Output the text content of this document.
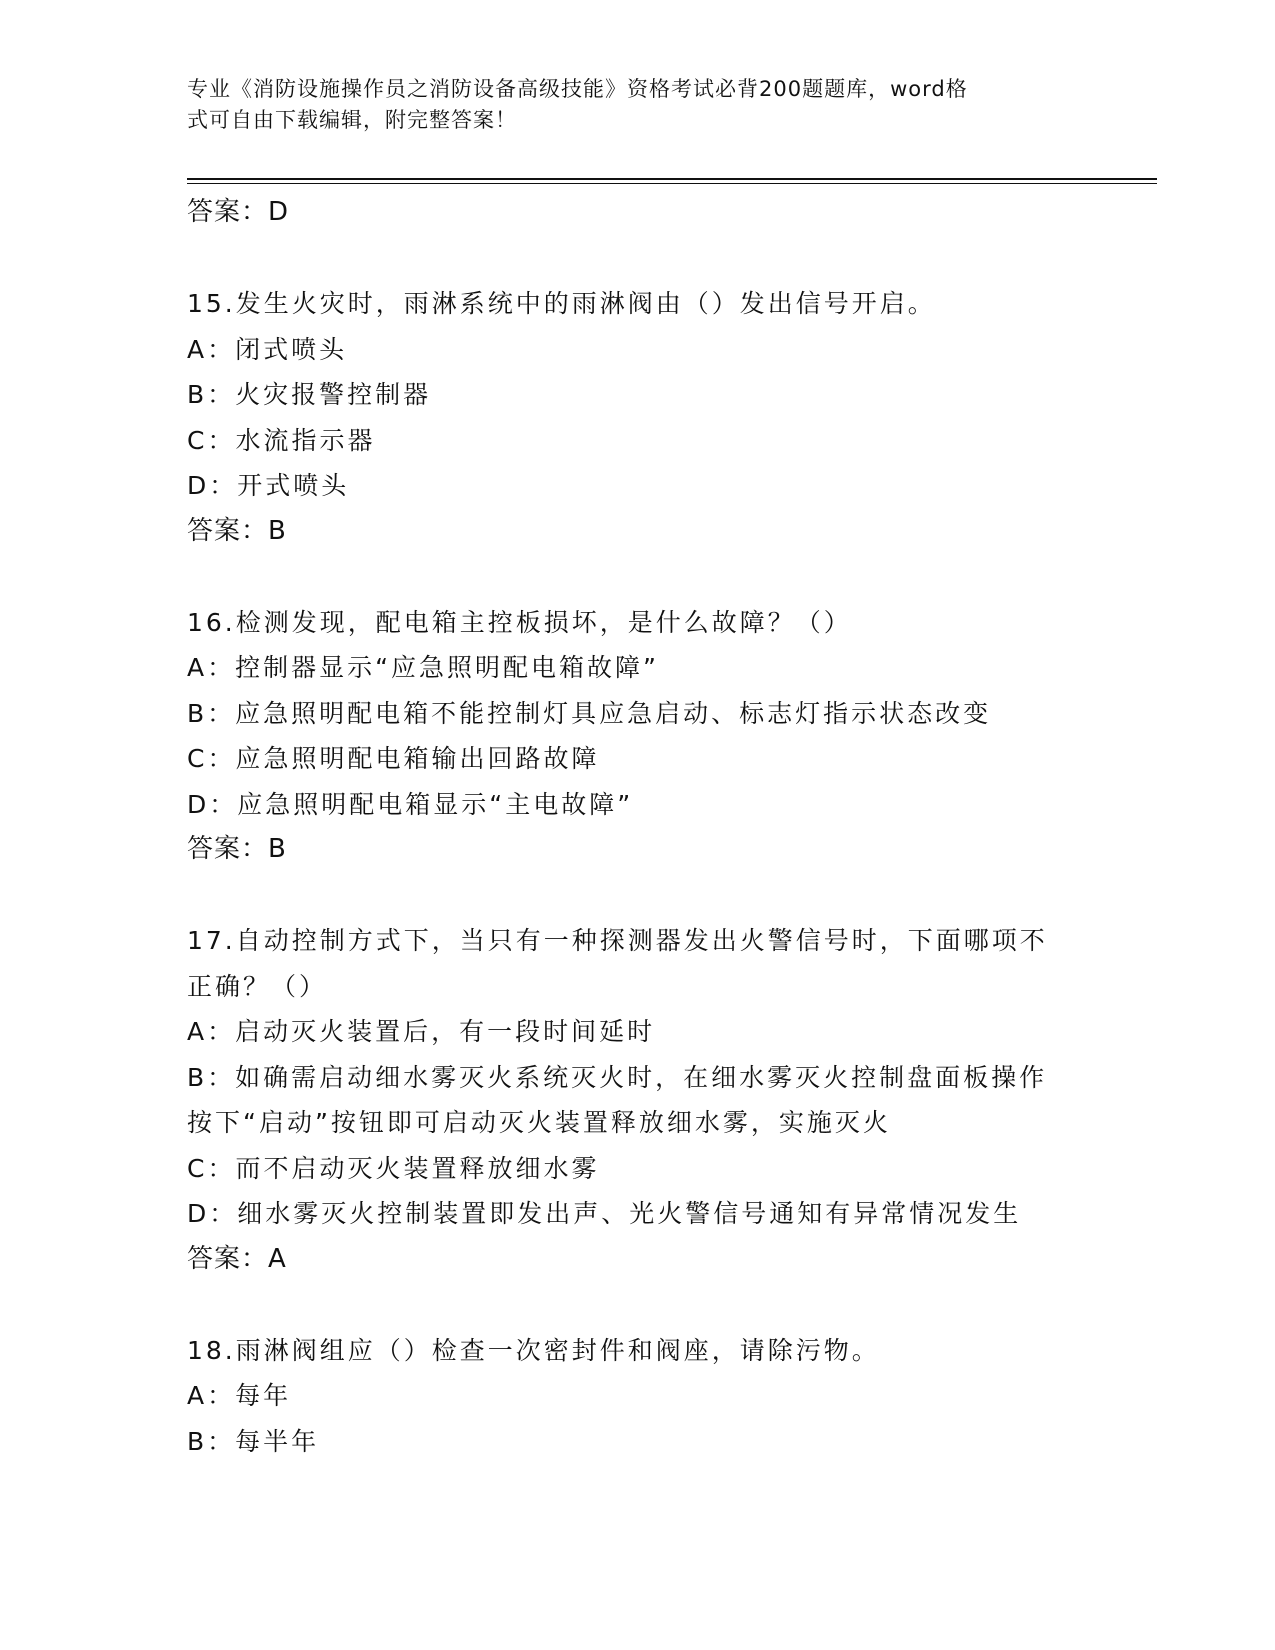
专业《消防设施操作员之消防设备高级技能》资格考试必背200题题库，word格
式可自由下载编辑，附完整答案！
答案：D
15.发生火灾时，雨淋系统中的雨淋阀由（）发出信号开启。
A：闭式喷头
B：火灾报警控制器
C：水流指示器
D：开式喷头
答案：B
16.检测发现，配电箱主控板损坏，是什么故障？（）
A：控制器显示“应急照明配电箱故障”
B：应急照明配电箱不能控制灯具应急启动、标志灯指示状态改变
C：应急照明配电箱输出回路故障
D：应急照明配电箱显示“主电故障”
答案：B
17.自动控制方式下，当只有一种探测器发出火警信号时，下面哪项不
正确？（）
A：启动灭火装置后，有一段时间延时
B：如确需启动细水雾灭火系统灭火时，在细水雾灭火控制盘面板操作
按下“启动”按钮即可启动灭火装置释放细水雾，实施灭火
C：而不启动灭火装置释放细水雾
D：细水雾灭火控制装置即发出声、光火警信号通知有异常情况发生
答案：A
18.雨淋阀组应（）检查一次密封件和阀座，请除污物。
A：每年
B：每半年
